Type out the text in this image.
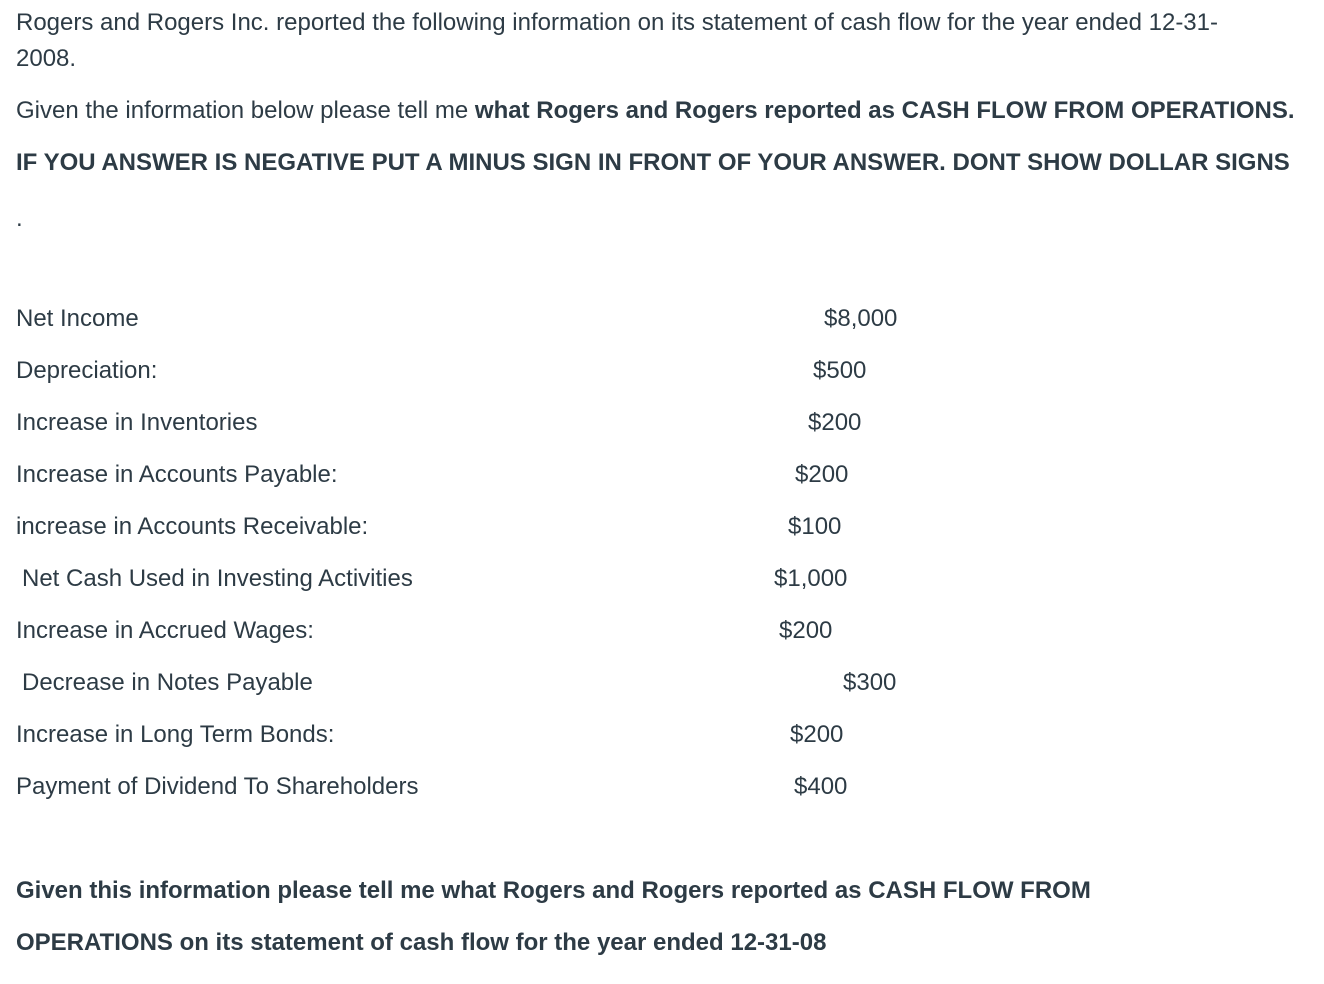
Rogers and Rogers Inc. reported the following information on its statement of cash flow for the year ended 12-31-
2008.
Given the information below please tell me what Rogers and Rogers reported as CASH FLOW FROM OPERATIONS.
IF YOU ANSWER IS NEGATIVE PUT A MINUS SIGN IN FRONT OF YOUR ANSWER. DONT SHOW DOLLAR SIGNS
.
Net Income	$8,000
Depreciation:	$500
Increase in Inventories	$200
Increase in Accounts Payable:	$200
increase in Accounts Receivable:	$100
Net Cash Used in Investing Activities	$1,000
Increase in Accrued Wages:	$200
Decrease in Notes Payable	$300
Increase in Long Term Bonds:	$200
Payment of Dividend To Shareholders	$400
Given this information please tell me what Rogers and Rogers reported as CASH FLOW FROM
OPERATIONS on its statement of cash flow for the year ended 12-31-08
